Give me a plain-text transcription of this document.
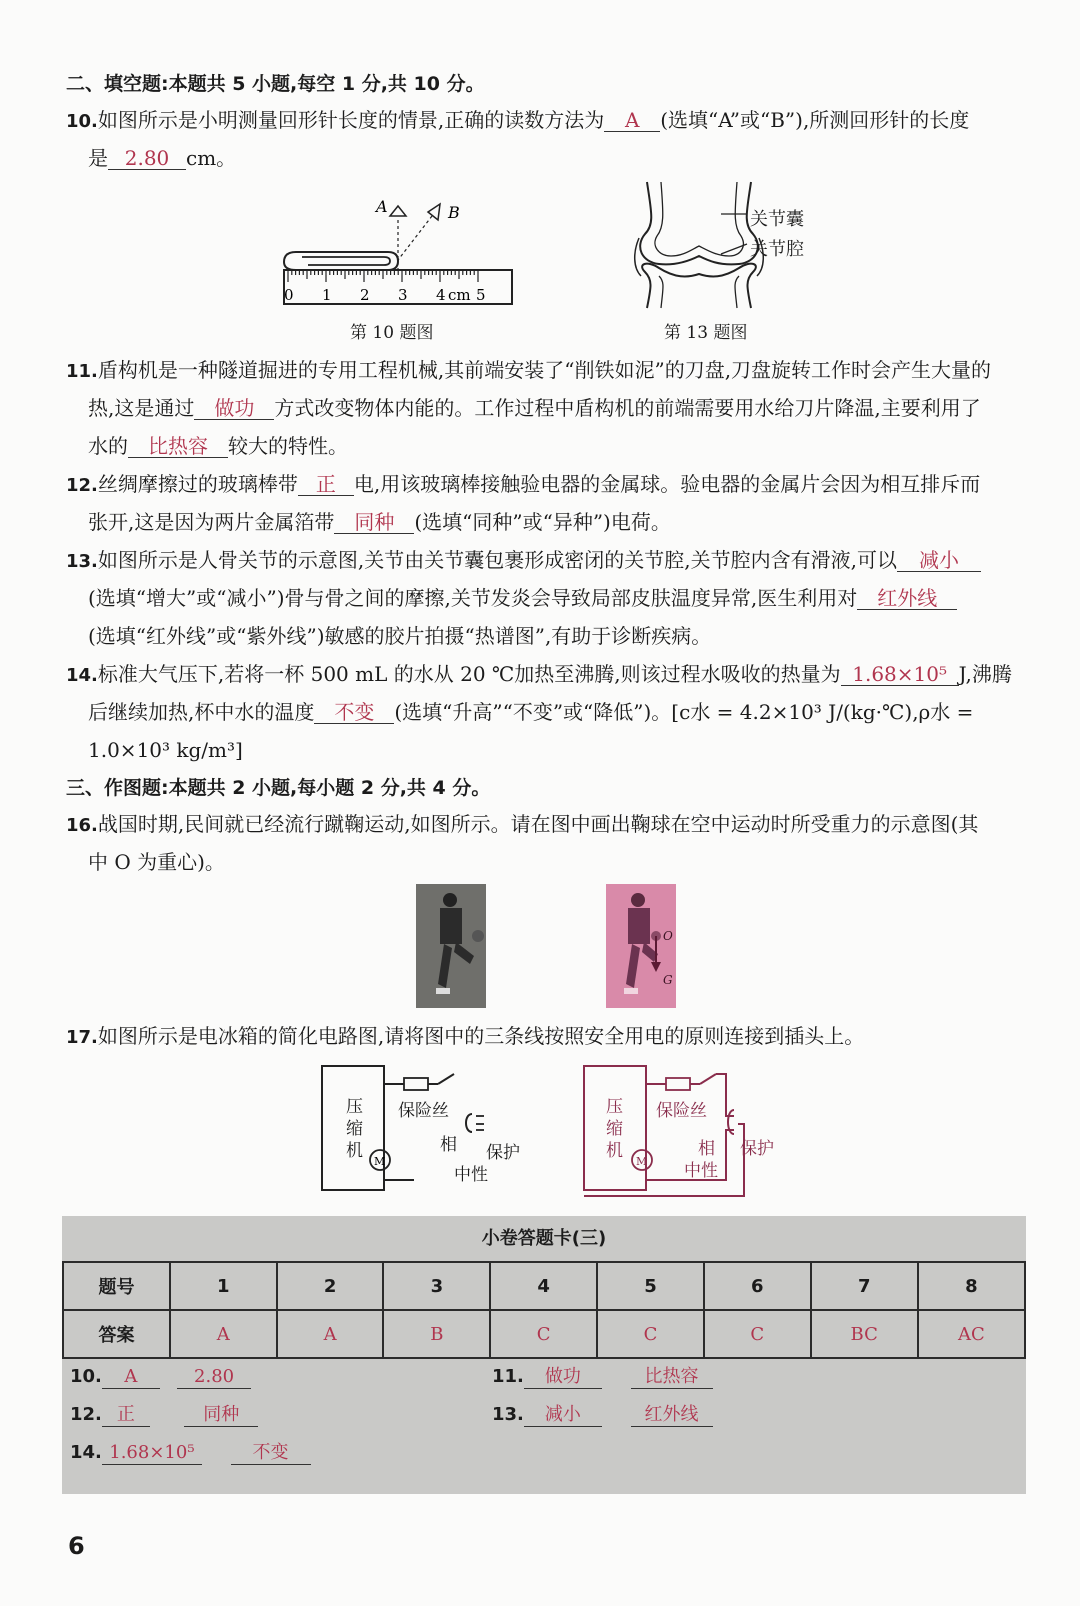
二、填空题:本题共 5 小题,每空 1 分,共 10 分。
10.如图所示是小明测量回形针长度的情景,正确的读数方法为 A (选填“A”或“B”),所测回形针的长度
是 2.80 cm。
A	B
0 1 2 3 4 cm 5
第 10 题图
关节囊
关节腔
第 13 题图
11.盾构机是一种隧道掘进的专用工程机械,其前端安装了“削铁如泥”的刀盘,刀盘旋转工作时会产生大量的
热,这是通过 做功 方式改变物体内能的。工作过程中盾构机的前端需要用水给刀片降温,主要利用了
水的 比热容 较大的特性。
12.丝绸摩擦过的玻璃棒带 正 电,用该玻璃棒接触验电器的金属球。验电器的金属片会因为相互排斥而
张开,这是因为两片金属箔带 同种 (选填“同种”或“异种”)电荷。
13.如图所示是人骨关节的示意图,关节由关节囊包裹形成密闭的关节腔,关节腔内含有滑液,可以 减小
(选填“增大”或“减小”)骨与骨之间的摩擦,关节发炎会导致局部皮肤温度异常,医生利用对 红外线
(选填“红外线”或“紫外线”)敏感的胶片拍摄“热谱图”,有助于诊断疾病。
14.标准大气压下,若将一杯 500 mL 的水从 20 ℃加热至沸腾,则该过程水吸收的热量为 1.68×10⁵ J,沸腾
后继续加热,杯中水的温度 不变 (选填“升高”“不变”或“降低”)。[c水 = 4.2×10³ J/(kg·℃),ρ水 =
1.0×10³ kg/m³]
三、作图题:本题共 2 小题,每小题 2 分,共 4 分。
16.战国时期,民间就已经流行蹴鞠运动,如图所示。请在图中画出鞠球在空中运动时所受重力的示意图(其
中 O 为重心)。
O
G
17.如图所示是电冰箱的简化电路图,请将图中的三条线按照安全用电的原则连接到插头上。
M
压
缩
机
保险丝
相 保护
中性
M
压
缩
机
保险丝
相 保护
中性
小卷答题卡(三)
题号	1	2	3	4	5	6	7	8
答案	A	A	B	C	C	C	BC	AC
10. A	2.80	11. 做功	比热容
12. 正	同种	13. 减小	红外线
14. 1.68×10⁵	不变
6
